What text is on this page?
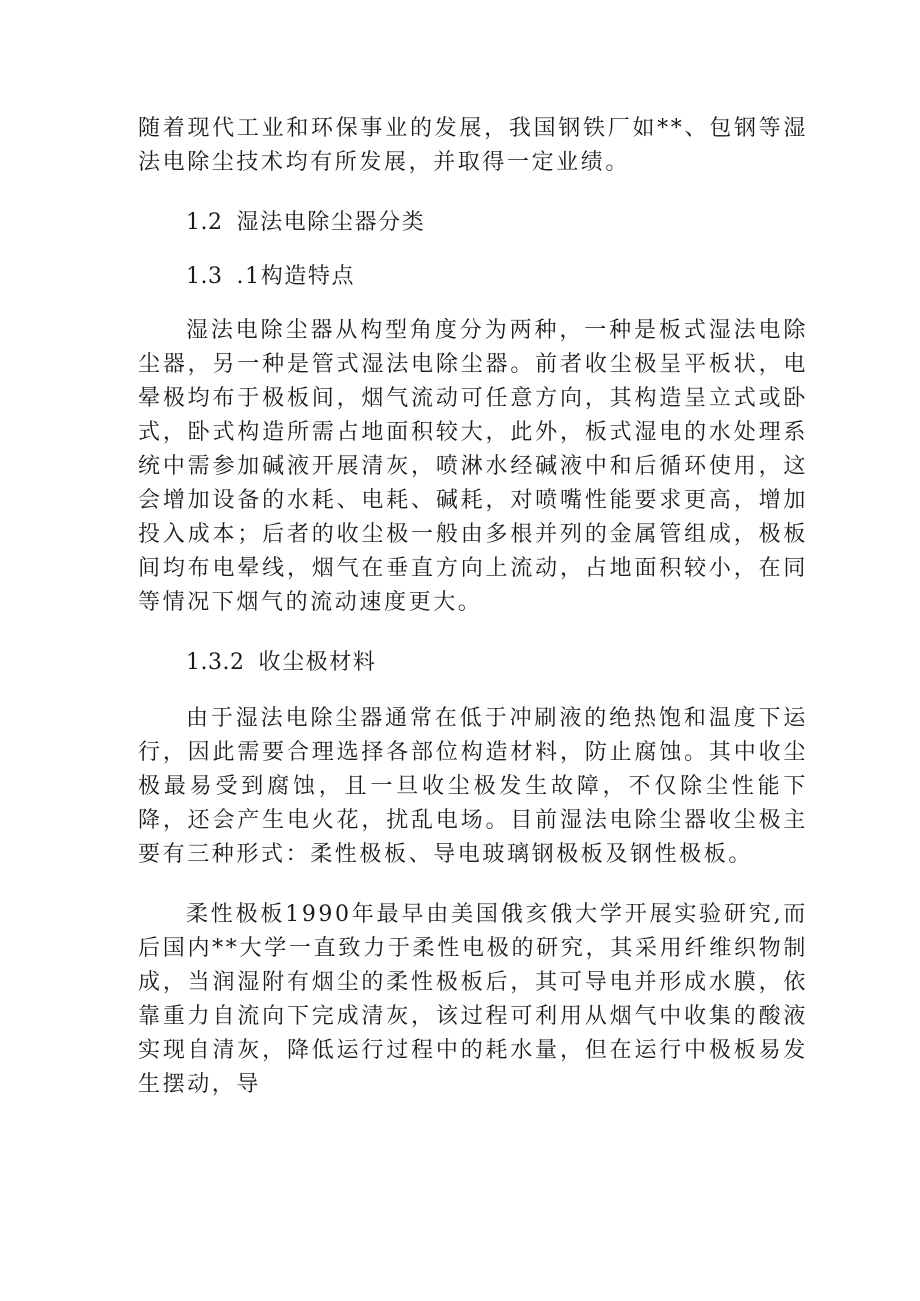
随着现代工业和环保事业的发展，我国钢铁厂如**、包钢等湿法电除尘技术均有所发展，并取得一定业绩。

1.2 湿法电除尘器分类

1.3 .1构造特点

湿法电除尘器从构型角度分为两种，一种是板式湿法电除尘器，另一种是管式湿法电除尘器。前者收尘极呈平板状，电晕极均布于极板间，烟气流动可任意方向，其构造呈立式或卧式，卧式构造所需占地面积较大，此外，板式湿电的水处理系统中需参加碱液开展清灰，喷淋水经碱液中和后循环使用，这会增加设备的水耗、电耗、碱耗，对喷嘴性能要求更高，增加投入成本；后者的收尘极一般由多根并列的金属管组成，极板间均布电晕线，烟气在垂直方向上流动，占地面积较小，在同等情况下烟气的流动速度更大。

1.3.2 收尘极材料

由于湿法电除尘器通常在低于冲刷液的绝热饱和温度下运行，因此需要合理选择各部位构造材料，防止腐蚀。其中收尘极最易受到腐蚀，且一旦收尘极发生故障，不仅除尘性能下降，还会产生电火花，扰乱电场。目前湿法电除尘器收尘极主要有三种形式：柔性极板、导电玻璃钢极板及钢性极板。

柔性极板1990年最早由美国俄亥俄大学开展实验研究,而后国内**大学一直致力于柔性电极的研究，其采用纤维织物制成，当润湿附有烟尘的柔性极板后，其可导电并形成水膜，依靠重力自流向下完成清灰，该过程可利用从烟气中收集的酸液实现自清灰，降低运行过程中的耗水量，但在运行中极板易发生摆动，导
